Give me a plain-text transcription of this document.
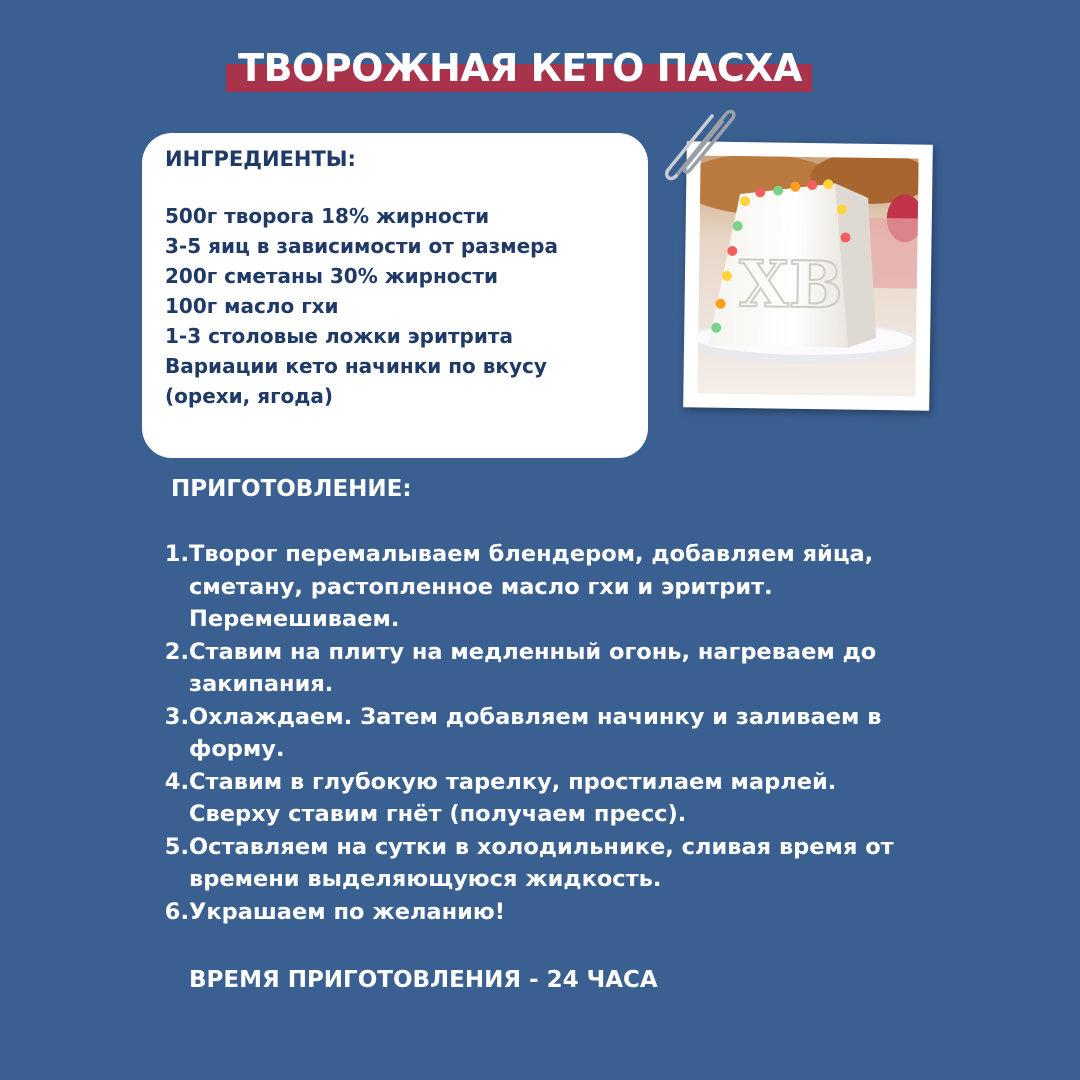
ТВОРОЖНАЯ КЕТО ПАСХА
ИНГРЕДИЕНТЫ:
500г творога 18% жирности
3-5 яиц в зависимости от размера
200г сметаны 30% жирности
100г масло гхи
1-3 столовые ложки эритрита
Вариации кето начинки по вкусу
(орехи, ягода)
ХВ
ПРИГОТОВЛЕНИЕ:
1. Творог перемалываем блендером, добавляем яйца,
сметану, растопленное масло гхи и эритрит.
Перемешиваем.
2. Ставим на плиту на медленный огонь, нагреваем до
закипания.
3. Охлаждаем. Затем добавляем начинку и заливаем в
форму.
4. Ставим в глубокую тарелку, простилаем марлей.
Сверху ставим гнёт (получаем пресс).
5. Оставляем на сутки в холодильнике, сливая время от
времени выделяющуюся жидкость.
6. Украшаем по желанию!
ВРЕМЯ ПРИГОТОВЛЕНИЯ - 24 ЧАСА
